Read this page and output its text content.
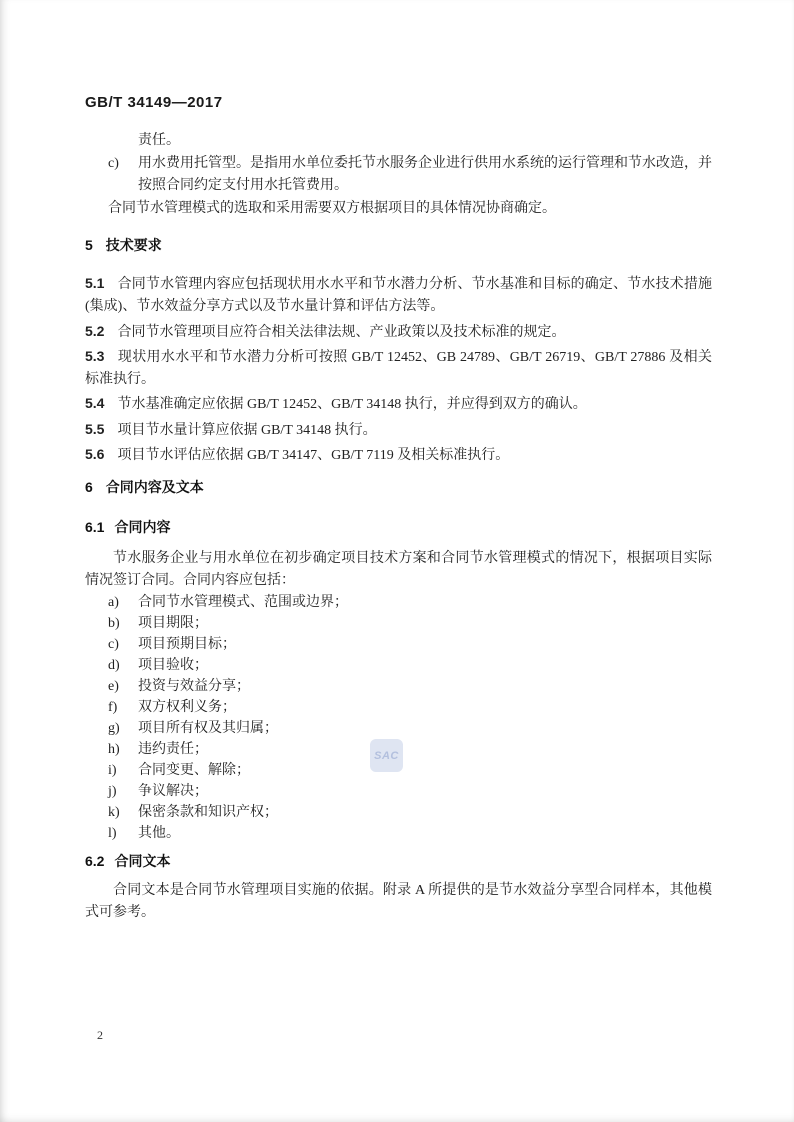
GB/T 34149—2017

责任。

c)	用水费用托管型。是指用水单位委托节水服务企业进行供用水系统的运行管理和节水改造，并按照合同约定支付用水托管费用。

合同节水管理模式的选取和采用需要双方根据项目的具体情况协商确定。

5 技术要求

5.1 合同节水管理内容应包括现状用水水平和节水潜力分析、节水基准和目标的确定、节水技术措施(集成)、节水效益分享方式以及节水量计算和评估方法等。

5.2 合同节水管理项目应符合相关法律法规、产业政策以及技术标准的规定。

5.3 现状用水水平和节水潜力分析可按照 GB/T 12452、GB 24789、GB/T 26719、GB/T 27886 及相关标准执行。

5.4 节水基准确定应依据 GB/T 12452、GB/T 34148 执行，并应得到双方的确认。

5.5 项目节水量计算应依据 GB/T 34148 执行。

5.6 项目节水评估应依据 GB/T 34147、GB/T 7119 及相关标准执行。

6 合同内容及文本
6.1 合同内容

节水服务企业与用水单位在初步确定项目技术方案和合同节水管理模式的情况下，根据项目实际情况签订合同。合同内容应包括：

a)	合同节水管理模式、范围或边界；
b)	项目期限；
c)	项目预期目标；
d)	项目验收；
e)	投资与效益分享；
f)	双方权利义务；
g)	项目所有权及其归属；
h)	违约责任；
i)	合同变更、解除；
j)	争议解决；
k)	保密条款和知识产权；
l)	其他。
6.2 合同文本

合同文本是合同节水管理项目实施的依据。附录 A 所提供的是节水效益分享型合同样本，其他模式可参考。

SAC
2
